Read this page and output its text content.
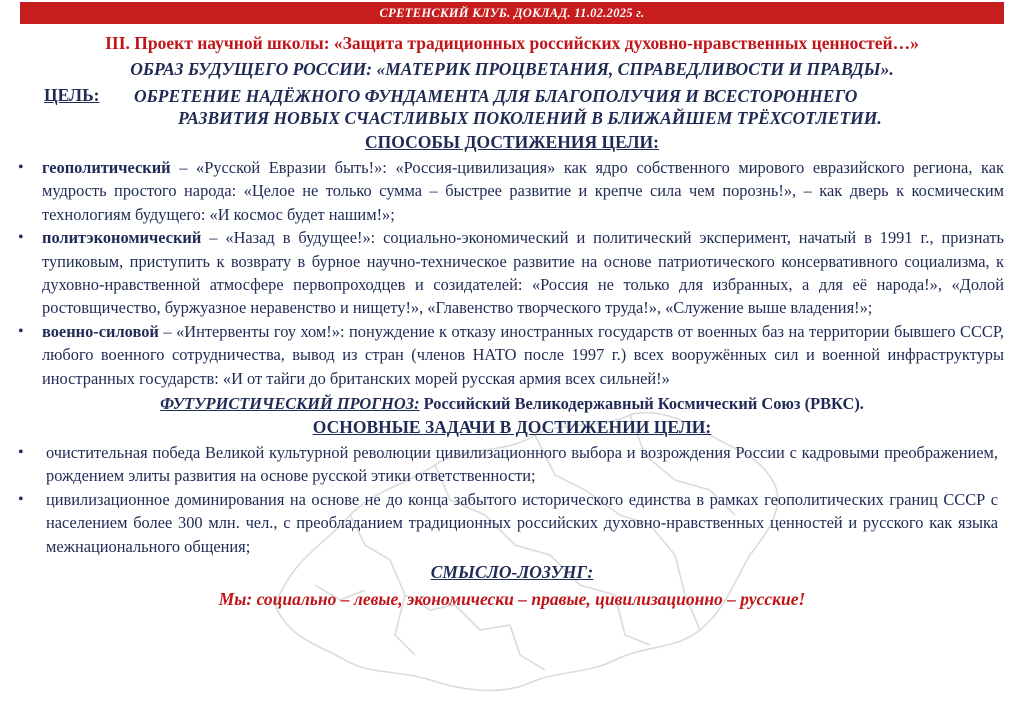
СРЕТЕНСКИЙ КЛУБ. ДОКЛАД. 11.02.2025 г.
III. Проект научной школы: «Защита традиционных российских духовно-нравственных ценностей…»
ОБРАЗ БУДУЩЕГО РОССИИ: «МАТЕРИК ПРОЦВЕТАНИЯ, СПРАВЕДЛИВОСТИ И ПРАВДЫ».
ЦЕЛЬ:	ОБРЕТЕНИЕ НАДЁЖНОГО ФУНДАМЕНТА ДЛЯ БЛАГОПОЛУЧИЯ И ВСЕСТОРОННЕГО
РАЗВИТИЯ НОВЫХ СЧАСТЛИВЫХ ПОКОЛЕНИЙ В БЛИЖАЙШЕМ ТРЁХСОТЛЕТИИ.
СПОСОБЫ ДОСТИЖЕНИЯ ЦЕЛИ:
• геополитический – «Русской Евразии быть!»: «Россия-цивилизация» как ядро собственного мирового евразийского региона, как мудрость простого народа: «Целое не только сумма – быстрее развитие и крепче сила чем порознь!», – как дверь к космическим технологиям будущего: «И космос будет нашим!»;
• политэкономический – «Назад в будущее!»: социально-экономический и политический эксперимент, начатый в 1991 г., признать тупиковым, приступить к возврату в бурное научно-техническое развитие на основе патриотического консервативного социализма, к духовно-нравственной атмосфере первопроходцев и созидателей: «Россия не только для избранных, а для её народа!», «Долой ростовщичество, буржуазное неравенство и нищету!», «Главенство творческого труда!», «Служение выше владения!»;
• военно-силовой – «Интервенты гоу хом!»: понуждение к отказу иностранных государств от военных баз на территории бывшего СССР, любого военного сотрудничества, вывод из стран (членов НАТО после 1997 г.) всех вооружённых сил и военной инфраструктуры иностранных государств: «И от тайги до британских морей русская армия всех сильней!»
ФУТУРИСТИЧЕСКИЙ ПРОГНОЗ: Российский Великодержавный Космический Союз (РВКС).
ОСНОВНЫЕ ЗАДАЧИ В ДОСТИЖЕНИИ ЦЕЛИ:
• очистительная победа Великой культурной революции цивилизационного выбора и возрождения России с кадровыми преображением, рождением элиты развития на основе русской этики ответственности;
• цивилизационное доминирования на основе не до конца забытого исторического единства в рамках геополитических границ СССР с населением более 300 млн. чел., с преобладанием традиционных российских духовно-нравственных ценностей и русского как языка межнационального общения;
СМЫСЛО-ЛОЗУНГ:
Мы: социально – левые, экономически – правые, цивилизационно – русские!
